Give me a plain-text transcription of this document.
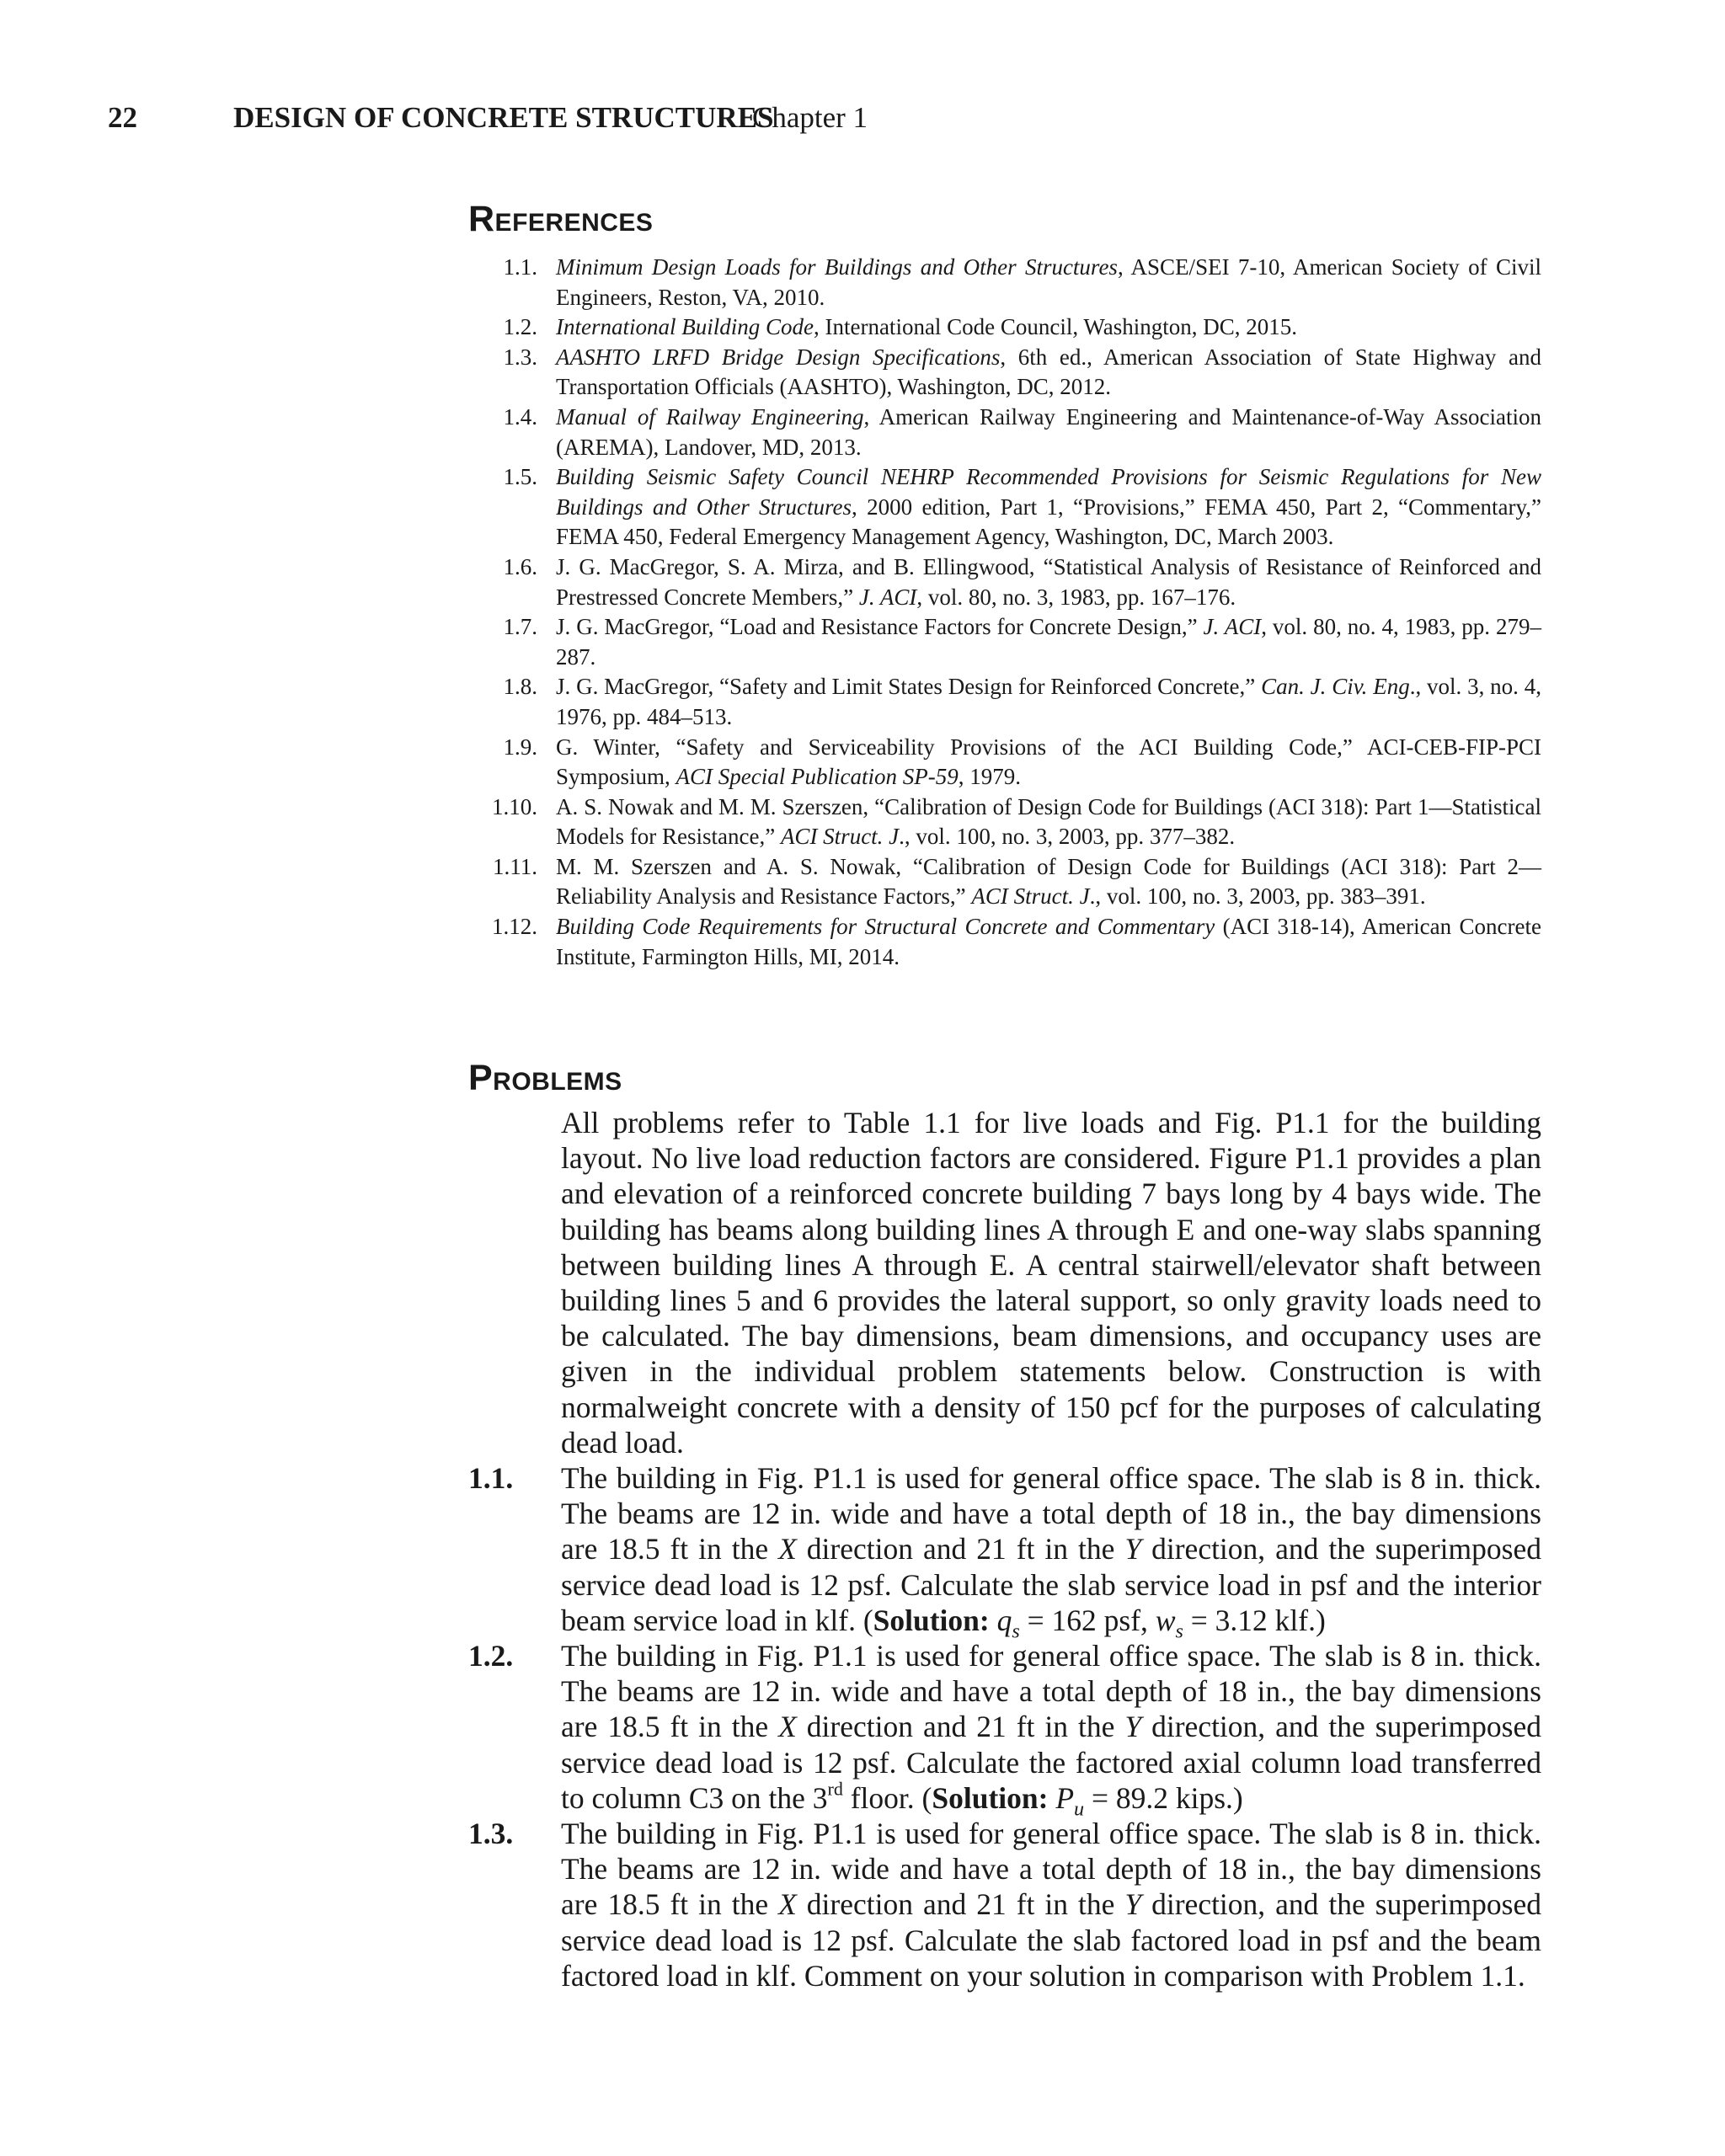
22	DESIGN OF CONCRETE STRUCTURES
Chapter 1
References
1.1. Minimum Design Loads for Buildings and Other Structures, ASCE/SEI 7-10, American Society of Civil Engineers, Reston, VA, 2010.
1.2. International Building Code, International Code Council, Washington, DC, 2015.
1.3. AASHTO LRFD Bridge Design Specifications, 6th ed., American Association of State Highway and Transportation Officials (AASHTO), Washington, DC, 2012.
1.4. Manual of Railway Engineering, American Railway Engineering and Maintenance-of-Way Association (AREMA), Landover, MD, 2013.
1.5. Building Seismic Safety Council NEHRP Recommended Provisions for Seismic Regulations for New Buildings and Other Structures, 2000 edition, Part 1, “Provisions,” FEMA 450, Part 2, “Commentary,” FEMA 450, Federal Emergency Management Agency, Washington, DC, March 2003.
1.6. J. G. MacGregor, S. A. Mirza, and B. Ellingwood, “Statistical Analysis of Resistance of Reinforced and Prestressed Concrete Members,” J. ACI, vol. 80, no. 3, 1983, pp. 167–176.
1.7. J. G. MacGregor, “Load and Resistance Factors for Concrete Design,” J. ACI, vol. 80, no. 4, 1983, pp. 279–287.
1.8. J. G. MacGregor, “Safety and Limit States Design for Reinforced Concrete,” Can. J. Civ. Eng., vol. 3, no. 4, 1976, pp. 484–513.
1.9. G. Winter, “Safety and Serviceability Provisions of the ACI Building Code,” ACI-CEB-FIP-PCI Symposium, ACI Special Publication SP-59, 1979.
1.10. A. S. Nowak and M. M. Szerszen, “Calibration of Design Code for Buildings (ACI 318): Part 1—Statistical Models for Resistance,” ACI Struct. J., vol. 100, no. 3, 2003, pp. 377–382.
1.11. M. M. Szerszen and A. S. Nowak, “Calibration of Design Code for Buildings (ACI 318): Part 2—Reliability Analysis and Resistance Factors,” ACI Struct. J., vol. 100, no. 3, 2003, pp. 383–391.
1.12. Building Code Requirements for Structural Concrete and Commentary (ACI 318-14), American Concrete Institute, Farmington Hills, MI, 2014.
Problems

All problems refer to Table 1.1 for live loads and Fig. P1.1 for the building layout. No live load reduction factors are considered. Figure P1.1 provides a plan and elevation of a reinforced concrete building 7 bays long by 4 bays wide. The building has beams along building lines A through E and one-way slabs spanning between building lines A through E. A central stairwell/elevator shaft between building lines 5 and 6 provides the lateral support, so only gravity loads need to be calculated. The bay dimensions, beam dimensions, and occupancy uses are given in the individual problem statements below. Construction is with normalweight concrete with a density of 150 pcf for the purposes of calculating dead load.

1.1.	The building in Fig. P1.1 is used for general office space. The slab is 8 in. thick. The beams are 12 in. wide and have a total depth of 18 in., the bay dimensions are 18.5 ft in the X direction and 21 ft in the Y direction, and the superimposed service dead load is 12 psf. Calculate the slab service load in psf and the interior beam service load in klf. (Solution: $q_s = 162$ psf, $w_s = 3.12$ klf.)
1.2.	The building in Fig. P1.1 is used for general office space. The slab is 8 in. thick. The beams are 12 in. wide and have a total depth of 18 in., the bay dimensions are 18.5 ft in the X direction and 21 ft in the Y direction, and the superimposed service dead load is 12 psf. Calculate the factored axial column load transferred to column C3 on the 3rd floor. (Solution: $P_u = 89.2$ kips.)
1.3.	The building in Fig. P1.1 is used for general office space. The slab is 8 in. thick. The beams are 12 in. wide and have a total depth of 18 in., the bay dimensions are 18.5 ft in the X direction and 21 ft in the Y direction, and the superimposed service dead load is 12 psf. Calculate the slab factored load in psf and the beam factored load in klf. Comment on your solution in comparison with Problem 1.1.
